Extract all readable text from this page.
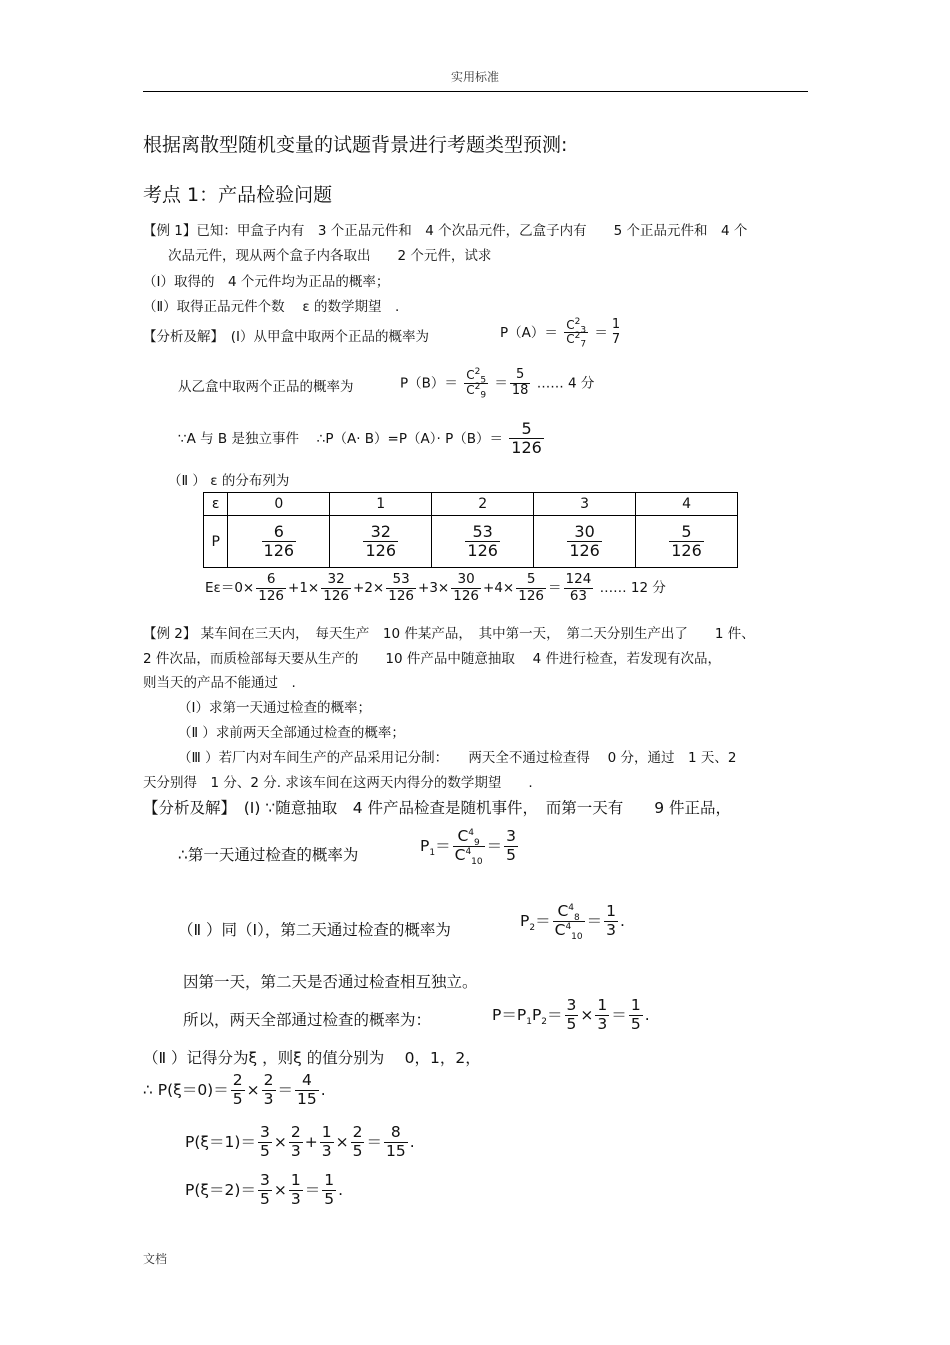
实用标准
根据离散型随机变量的试题背景进行考题类型预测:
考点 1：产品检验问题
【例 1】已知：甲盒子内有　3 个正品元件和　4 个次品元件，乙盒子内有　　5 个正品元件和　4 个
次品元件，现从两个盒子内各取出　　2 个元件，试求
（Ⅰ）取得的　4 个元件均为正品的概率；
（Ⅱ）取得正品元件个数　 ε 的数学期望　.
【分析及解】　(Ⅰ）从甲盒中取两个正品的概率为	$P(A)= \frac{C^2_3}{C^2_7}$ ＝
1
7
从乙盒中取两个正品的概率为	$P(B)= \frac{C^2_5}{C^2_9} = \frac{5}{18}$ …… 4 分
∵A 与 B 是独立事件　 ∴P（A· $B)=P(A)\cdot P(B)= \frac{5}{126}$
（Ⅱ ） ε 的分布列为
ε	0	1	2	3	4
P	$\frac{6}{126}$	$\frac{32}{126}$	$\frac{53}{126}$	$\frac{30}{126}$	$\frac{5}{126}$
$E\varepsilon=0\times \frac{6}{126} +1\times \frac{32}{126} +2\times \frac{53}{126} +3\times \frac{30}{126} +4\times \frac{5}{126} = \frac{124}{63}$ …… 12 分
【例 2】 某车间在三天内，　每天生产　10 件某产品，　其中第一天，　第二天分别生产出了　　1 件、
2 件次品，而质检部每天要从生产的　　10 件产品中随意抽取　 4 件进行检查，若发现有次品，
则当天的产品不能通过　.
（Ⅰ）求第一天通过检查的概率；
（Ⅱ ）求前两天全部通过检查的概率；
（Ⅲ ）若厂内对车间生产的产品采用记分制：　　两天全不通过检查得　 0 分，通过　1 天、2
天分别得　1 分、2 分. 求该车间在这两天内得分的数学期望　　.
【分析及解】　(Ⅰ) ∵随意抽取　4 件产品检查是随机事件，　而第一天有　　9 件正品，
∴第一天通过检查的概率为
$P_1= \frac{C^4_9}{C^4_{10}} = \frac{3}{5}$
（Ⅱ ）同（Ⅰ），第二天通过检查的概率为
$P_2= \frac{C^4_8}{C^4_{10}} = \frac{1}{3}$ .
因第一天，第二天是否通过检查相互独立。
所以，两天全部通过检查的概率为：	$P=P_1P_2= \frac{3}{5} \times \frac{1}{3} = \frac{1}{5}$ .
（Ⅱ ）记得分为ξ ，则ξ 的值分别为　 0，1，2，
∴ $P(\xi=0)= \frac{2}{5} \times \frac{2}{3} = \frac{4}{15}$ .
$P(\xi=1)= \frac{3}{5} \times \frac{2}{3} + \frac{1}{3} \times \frac{2}{5} = \frac{8}{15}$ .
$P(\xi=2)= \frac{3}{5} \times \frac{1}{3} = \frac{1}{5}$ .
文档
